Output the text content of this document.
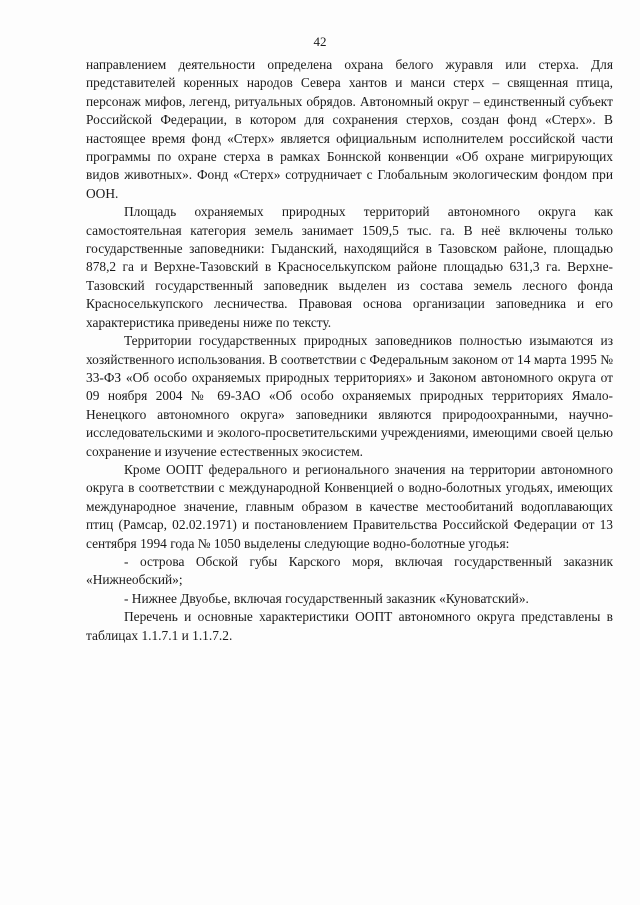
42

направлением деятельности определена охрана белого журавля или стерха. Для представителей коренных народов Севера хантов и манси стерх – священная птица, персонаж мифов, легенд, ритуальных обрядов. Автономный округ – единственный субъект Российской Федерации, в котором для сохранения стерхов, создан фонд «Стерх». В настоящее время фонд «Стерх» является официальным исполнителем российской части программы по охране стерха в рамках Боннской конвенции «Об охране мигрирующих видов животных». Фонд «Стерх» сотрудничает с Глобальным экологическим фондом при ООН.

Площадь охраняемых природных территорий автономного округа как самостоятельная категория земель занимает 1509,5 тыс. га. В неё включены только государственные заповедники: Гыданский, находящийся в Тазовском районе, площадью 878,2 га и Верхне-Тазовский в Красноселькупском районе площадью 631,3 га. Верхне-Тазовский государственный заповедник выделен из состава земель лесного фонда Красноселькупского лесничества. Правовая основа организации заповедника и его характеристика приведены ниже по тексту.

Территории государственных природных заповедников полностью изымаются из хозяйственного использования. В соответствии с Федеральным законом от 14 марта 1995 № 33-ФЗ «Об особо охраняемых природных территориях» и Законом автономного округа от 09 ноября 2004 № 69-ЗАО «Об особо охраняемых природных территориях Ямало-Ненецкого автономного округа» заповедники являются природоохранными, научно-исследовательскими и эколого-просветительскими учреждениями, имеющими своей целью сохранение и изучение естественных экосистем.

Кроме ООПТ федерального и регионального значения на территории автономного округа в соответствии с международной Конвенцией о водно-болотных угодьях, имеющих международное значение, главным образом в качестве местообитаний водоплавающих птиц (Рамсар, 02.02.1971) и постановлением Правительства Российской Федерации от 13 сентября 1994 года № 1050 выделены следующие водно-болотные угодья:

- острова Обской губы Карского моря, включая государственный заказник «Нижнеобский»;

- Нижнее Двуобье, включая государственный заказник «Куноватский».

Перечень и основные характеристики ООПТ автономного округа представлены в таблицах 1.1.7.1 и 1.1.7.2.
